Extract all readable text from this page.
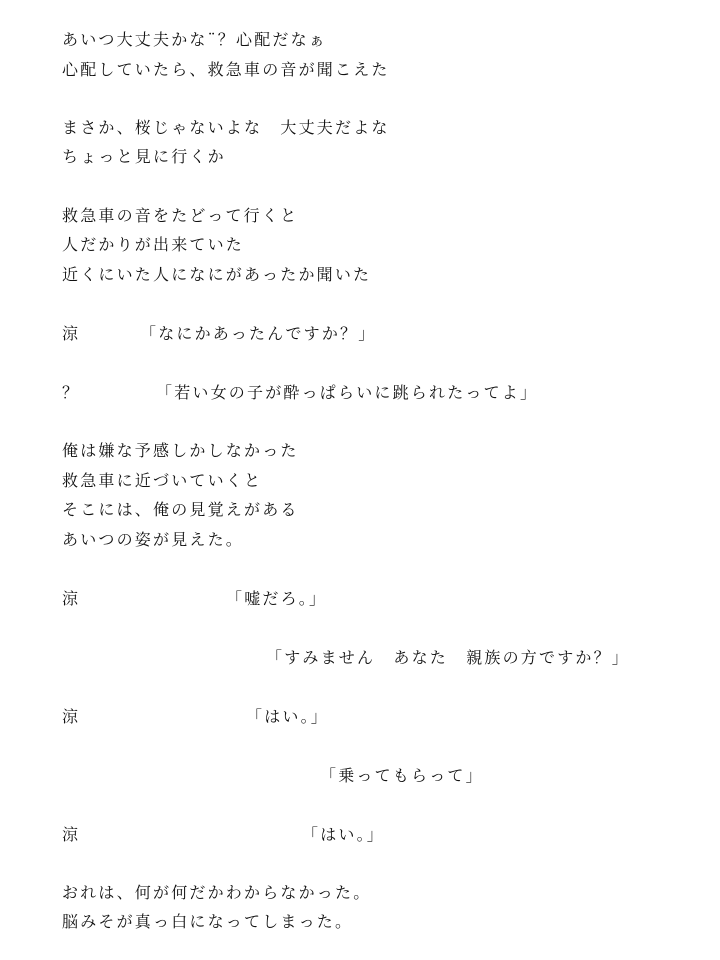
あいつ大丈夫かな¨？心配だなぁ
心配していたら、救急車の音が聞こえた
まさか、桜じゃないよな　大丈夫だよな
ちょっと見に行くか
救急車の音をたどって行くと
人だかりが出来ていた
近くにいた人になにがあったか聞いた
涼	「なにかあったんですか？」
？	「若い女の子が酔っぱらいに跳られたってよ」
俺は嫌な予感しかしなかった
救急車に近づいていくと
そこには、俺の見覚えがある
あいつの姿が見えた。
涼	「嘘だろ。」
「すみません　あなた　親族の方ですか？」
涼	「はい。」
「乗ってもらって」
涼	「はい。」
おれは、何が何だかわからなかった。
脳みそが真っ白になってしまった。
